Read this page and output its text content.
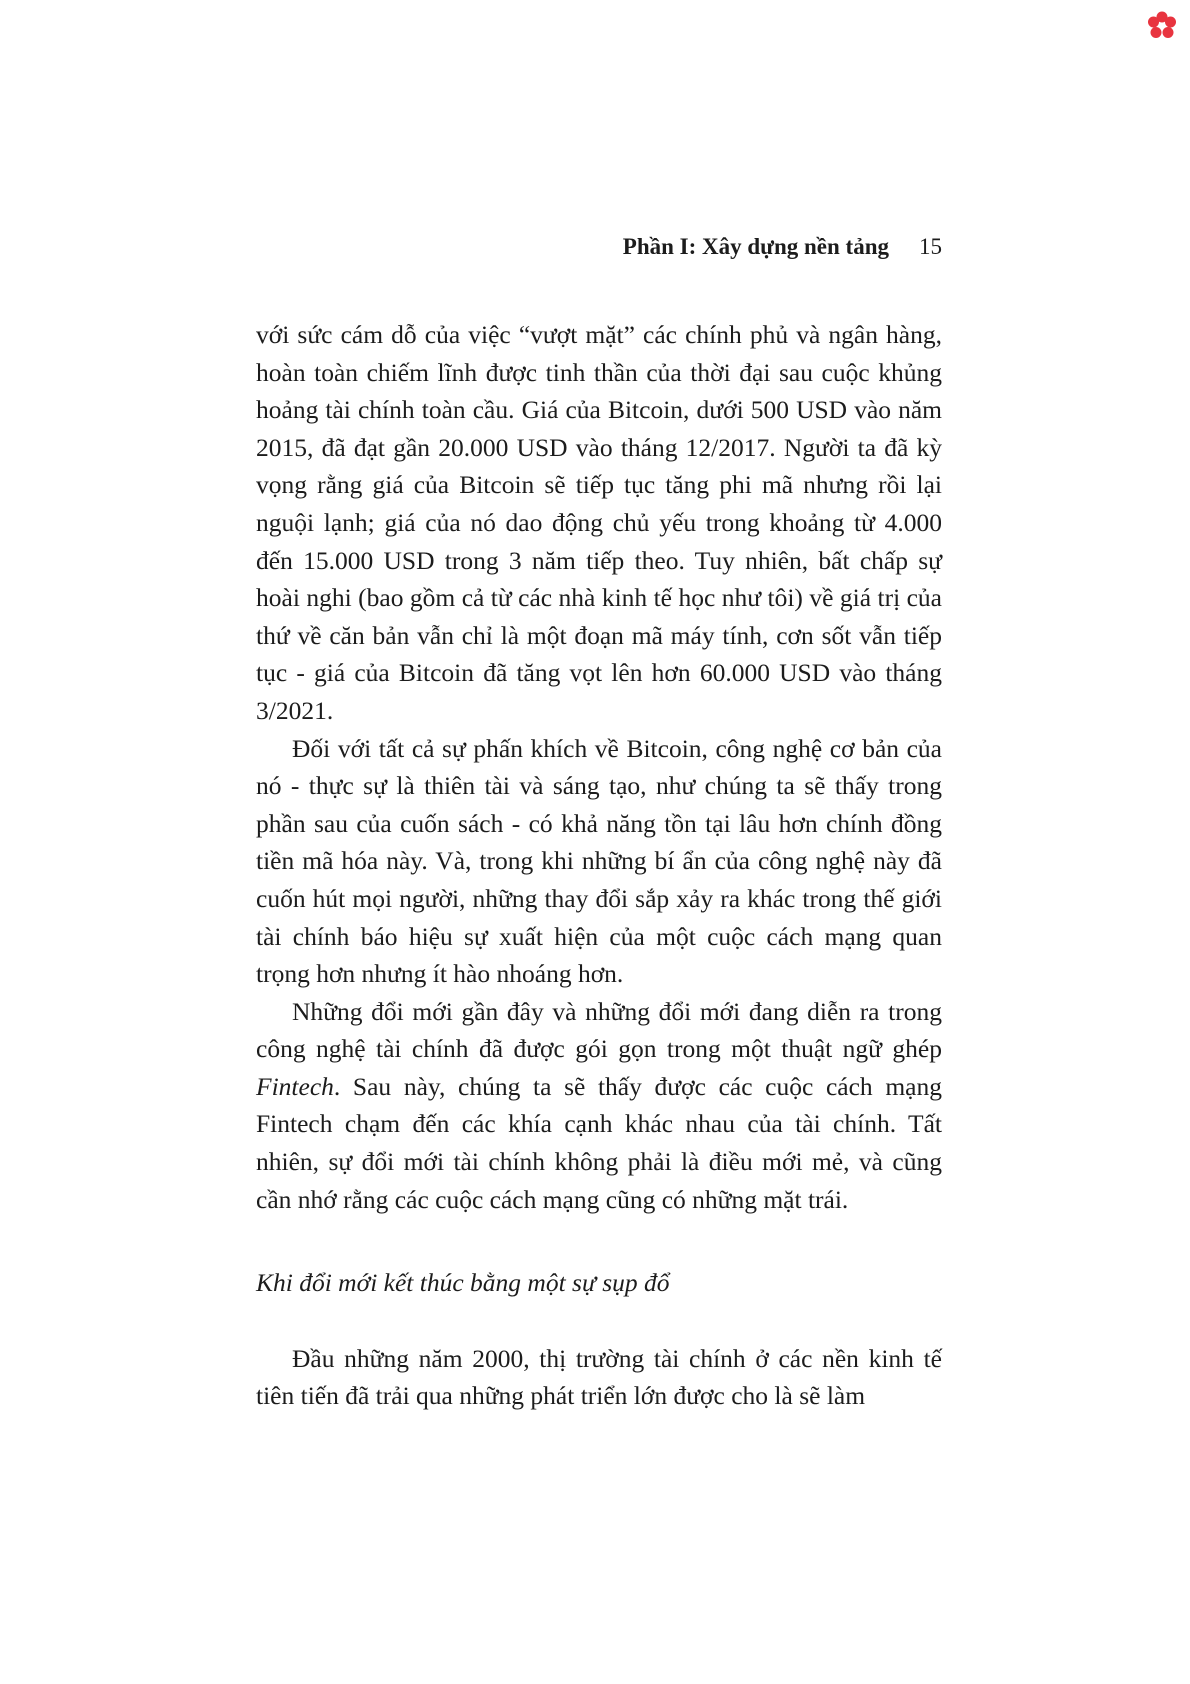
Phần I: Xây dựng nền tảng 15

với sức cám dỗ của việc “vượt mặt” các chính phủ và ngân hàng, hoàn toàn chiếm lĩnh được tinh thần của thời đại sau cuộc khủng hoảng tài chính toàn cầu. Giá của Bitcoin, dưới 500 USD vào năm 2015, đã đạt gần 20.000 USD vào tháng 12/2017. Người ta đã kỳ vọng rằng giá của Bitcoin sẽ tiếp tục tăng phi mã nhưng rồi lại nguội lạnh; giá của nó dao động chủ yếu trong khoảng từ 4.000 đến 15.000 USD trong 3 năm tiếp theo. Tuy nhiên, bất chấp sự hoài nghi (bao gồm cả từ các nhà kinh tế học như tôi) về giá trị của thứ về căn bản vẫn chỉ là một đoạn mã máy tính, cơn sốt vẫn tiếp tục - giá của Bitcoin đã tăng vọt lên hơn 60.000 USD vào tháng 3/2021.

Đối với tất cả sự phấn khích về Bitcoin, công nghệ cơ bản của nó - thực sự là thiên tài và sáng tạo, như chúng ta sẽ thấy trong phần sau của cuốn sách - có khả năng tồn tại lâu hơn chính đồng tiền mã hóa này. Và, trong khi những bí ẩn của công nghệ này đã cuốn hút mọi người, những thay đổi sắp xảy ra khác trong thế giới tài chính báo hiệu sự xuất hiện của một cuộc cách mạng quan trọng hơn nhưng ít hào nhoáng hơn.

Những đổi mới gần đây và những đổi mới đang diễn ra trong công nghệ tài chính đã được gói gọn trong một thuật ngữ ghép Fintech. Sau này, chúng ta sẽ thấy được các cuộc cách mạng Fintech chạm đến các khía cạnh khác nhau của tài chính. Tất nhiên, sự đổi mới tài chính không phải là điều mới mẻ, và cũng cần nhớ rằng các cuộc cách mạng cũng có những mặt trái.

Khi đổi mới kết thúc bằng một sự sụp đổ

Đầu những năm 2000, thị trường tài chính ở các nền kinh tế tiên tiến đã trải qua những phát triển lớn được cho là sẽ làm
